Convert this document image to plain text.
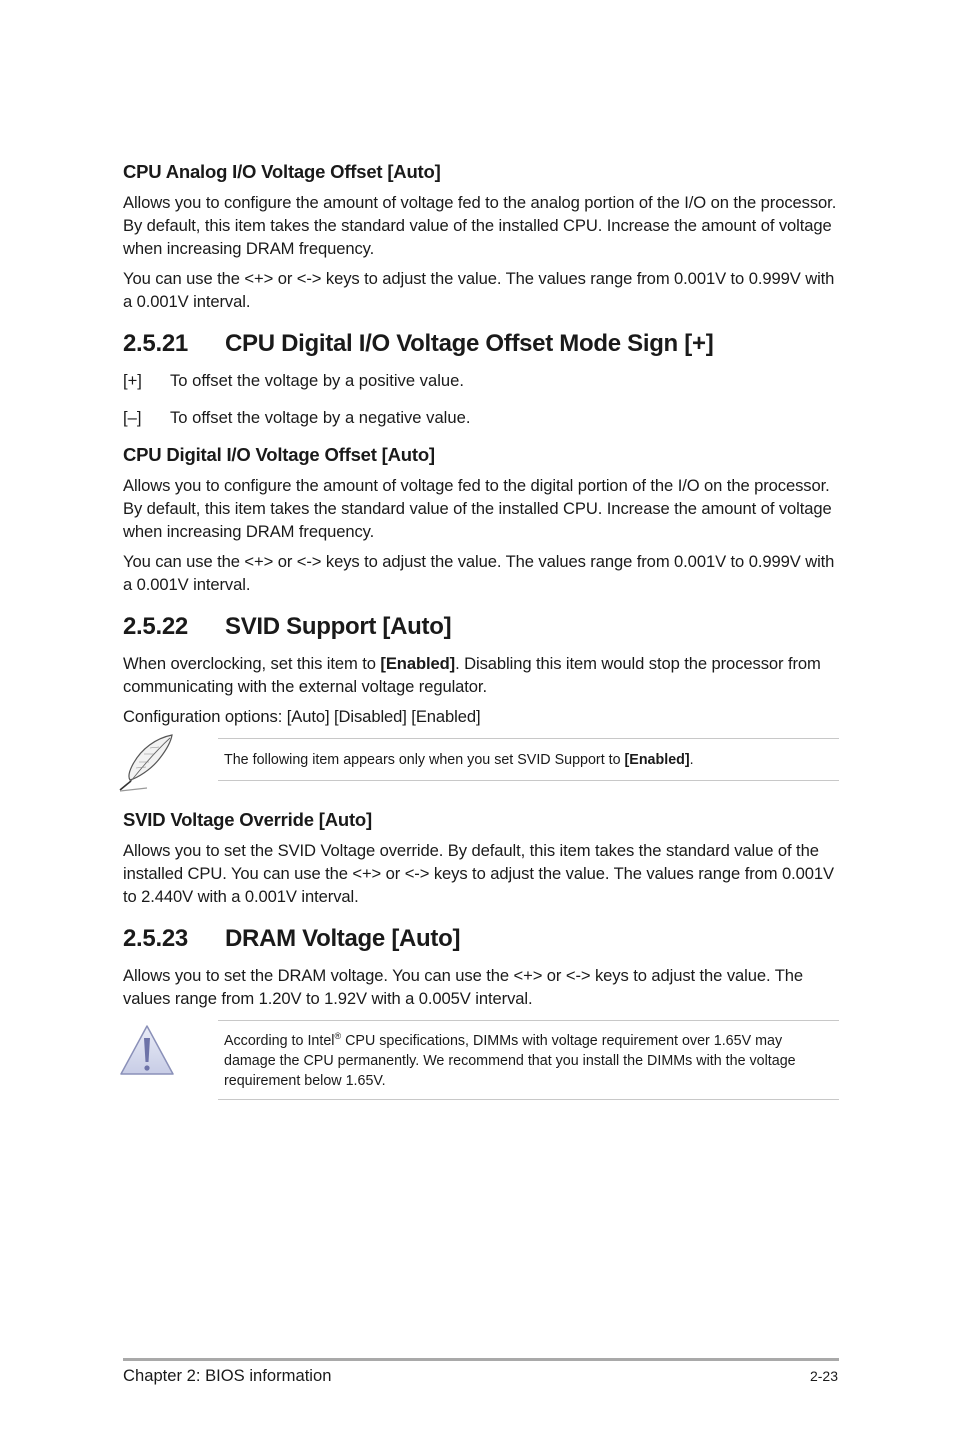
CPU Analog I/O Voltage Offset [Auto]

Allows you to configure the amount of voltage fed to the analog portion of the I/O on the processor. By default, this item takes the standard value of the installed CPU. Increase the amount of voltage when increasing DRAM frequency.

You can use the <+> or <-> keys to adjust the value. The values range from 0.001V to 0.999V with a 0.001V interval.

2.5.21 CPU Digital I/O Voltage Offset Mode Sign [+]
[+]	To offset the voltage by a positive value.
[–]	To offset the voltage by a negative value.
CPU Digital I/O Voltage Offset [Auto]

Allows you to configure the amount of voltage fed to the digital portion of the I/O on the processor. By default, this item takes the standard value of the installed CPU. Increase the amount of voltage when increasing DRAM frequency.

You can use the <+> or <-> keys to adjust the value. The values range from 0.001V to 0.999V with a 0.001V interval.

2.5.22 SVID Support [Auto]

When overclocking, set this item to [Enabled]. Disabling this item would stop the processor from communicating with the external voltage regulator.

Configuration options: [Auto] [Disabled] [Enabled]

The following item appears only when you set SVID Support to [Enabled].
SVID Voltage Override [Auto]

Allows you to set the SVID Voltage override. By default, this item takes the standard value of the installed CPU. You can use the <+> or <-> keys to adjust the value. The values range from 0.001V to 2.440V with a 0.001V interval.

2.5.23 DRAM Voltage [Auto]

Allows you to set the DRAM voltage. You can use the <+> or <-> keys to adjust the value. The values range from 1.20V to 1.92V with a 0.005V interval.

According to Intel® CPU specifications, DIMMs with voltage requirement over 1.65V may damage the CPU permanently. We recommend that you install the DIMMs with the voltage requirement below 1.65V.
Chapter 2: BIOS information	2-23
